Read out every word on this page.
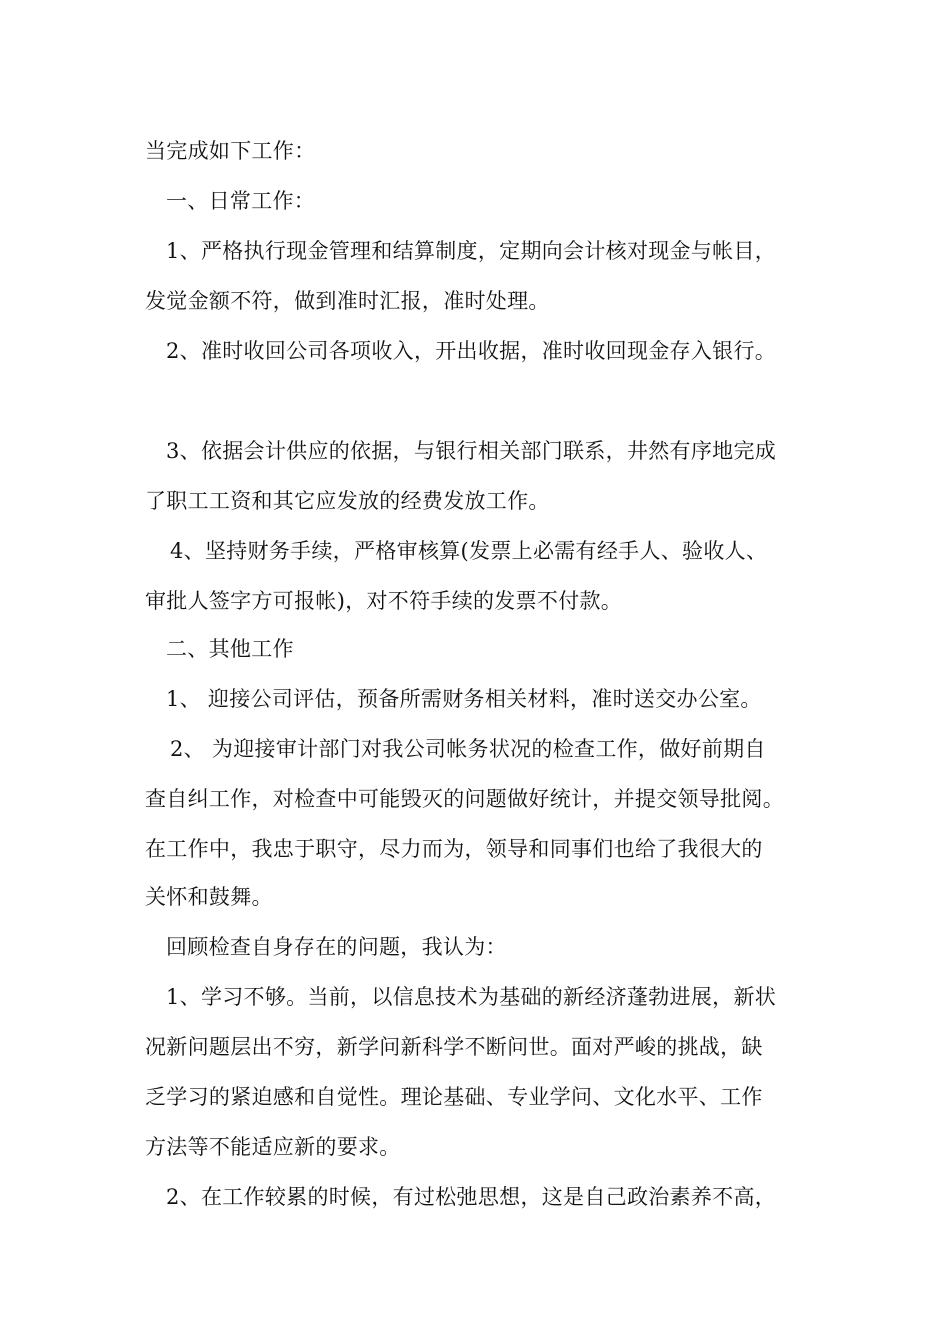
当完成如下工作：
一、日常工作：
1、严格执行现金管理和结算制度，定期向会计核对现金与帐目，
发觉金额不符，做到准时汇报，准时处理。
2、准时收回公司各项收入，开出收据，准时收回现金存入银行。
3、依据会计供应的依据，与银行相关部门联系，井然有序地完成
了职工工资和其它应发放的经费发放工作。
4、坚持财务手续，严格审核算(发票上必需有经手人、验收人、
审批人签字方可报帐)，对不符手续的发票不付款。
二、其他工作
1、 迎接公司评估，预备所需财务相关材料，准时送交办公室。
2、 为迎接审计部门对我公司帐务状况的检查工作，做好前期自
查自纠工作，对检查中可能毁灭的问题做好统计，并提交领导批阅。
在工作中，我忠于职守，尽力而为，领导和同事们也给了我很大的
关怀和鼓舞。
回顾检查自身存在的问题，我认为：
1、学习不够。当前，以信息技术为基础的新经济蓬勃进展，新状
况新问题层出不穷，新学问新科学不断问世。面对严峻的挑战，缺
乏学习的紧迫感和自觉性。理论基础、专业学问、文化水平、工作
方法等不能适应新的要求。
2、在工作较累的时候，有过松弛思想，这是自己政治素养不高，
